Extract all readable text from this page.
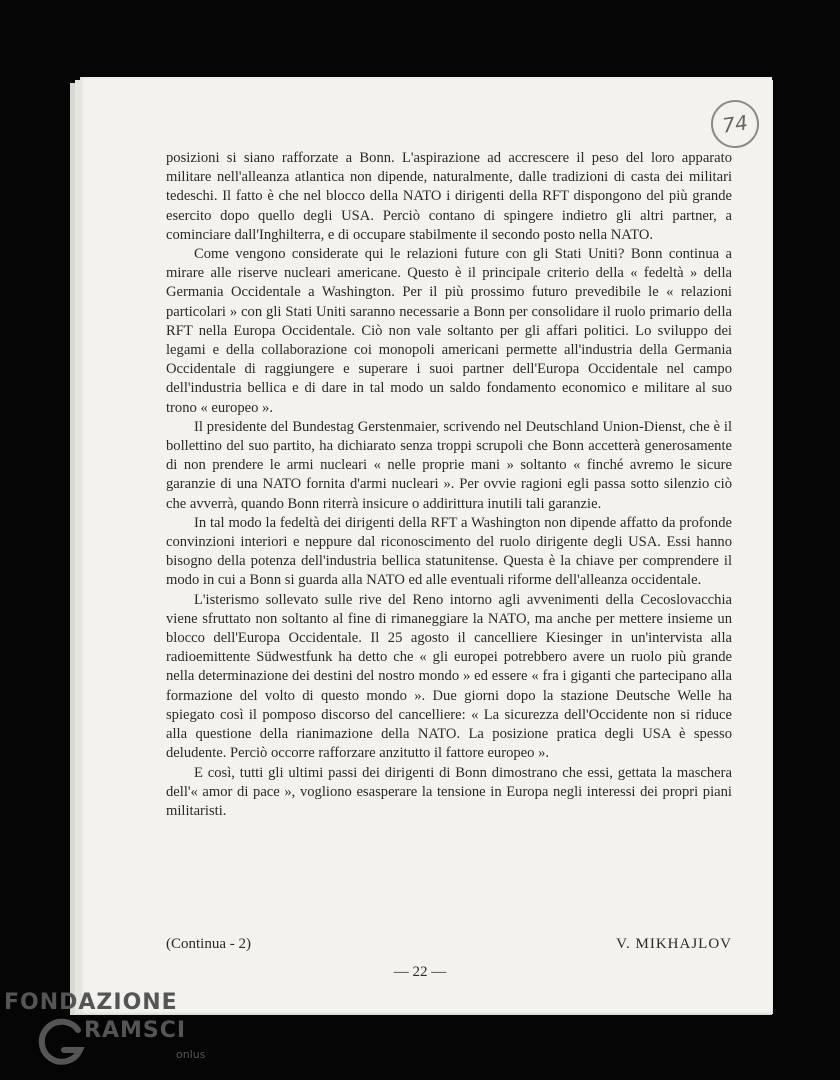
74

posizioni si siano rafforzate a Bonn. L'aspirazione ad accrescere il peso del loro apparato militare nell'alleanza atlantica non dipende, naturalmente, dalle tradizioni di casta dei militari tedeschi. Il fatto è che nel blocco della NATO i dirigenti della RFT dispongono del più grande esercito dopo quello degli USA. Perciò contano di spingere indietro gli altri partner, a cominciare dall'Inghilterra, e di occupare stabilmente il secondo posto nella NATO.

Come vengono considerate qui le relazioni future con gli Stati Uniti? Bonn continua a mirare alle riserve nucleari americane. Questo è il principale criterio della « fedeltà » della Germania Occidentale a Washington. Per il più prossimo futuro prevedibile le « relazioni particolari » con gli Stati Uniti saranno necessarie a Bonn per consolidare il ruolo primario della RFT nella Europa Occidentale. Ciò non vale soltanto per gli affari politici. Lo sviluppo dei legami e della collaborazione coi monopoli americani permette all'industria della Germania Occidentale di raggiungere e superare i suoi partner dell'Europa Occidentale nel campo dell'industria bellica e di dare in tal modo un saldo fondamento economico e militare al suo trono « europeo ».

Il presidente del Bundestag Gerstenmaier, scrivendo nel Deutschland Union-Dienst, che è il bollettino del suo partito, ha dichiarato senza troppi scrupoli che Bonn accetterà generosamente di non prendere le armi nucleari « nelle proprie mani » soltanto « finché avremo le sicure garanzie di una NATO fornita d'armi nucleari ». Per ovvie ragioni egli passa sotto silenzio ciò che avverrà, quando Bonn riterrà insicure o addirittura inutili tali garanzie.

In tal modo la fedeltà dei dirigenti della RFT a Washington non dipende affatto da profonde convinzioni interiori e neppure dal riconoscimento del ruolo dirigente degli USA. Essi hanno bisogno della potenza dell'industria bellica statunitense. Questa è la chiave per comprendere il modo in cui a Bonn si guarda alla NATO ed alle eventuali riforme dell'alleanza occidentale.

L'isterismo sollevato sulle rive del Reno intorno agli avvenimenti della Cecoslovacchia viene sfruttato non soltanto al fine di rimaneggiare la NATO, ma anche per mettere insieme un blocco dell'Europa Occidentale. Il 25 agosto il cancelliere Kiesinger in un'intervista alla radioemittente Südwestfunk ha detto che « gli europei potrebbero avere un ruolo più grande nella determinazione dei destini del nostro mondo » ed essere « fra i giganti che partecipano alla formazione del volto di questo mondo ». Due giorni dopo la stazione Deutsche Welle ha spiegato così il pomposo discorso del cancelliere: « La sicurezza dell'Occidente non si riduce alla questione della rianimazione della NATO. La posizione pratica degli USA è spesso deludente. Perciò occorre rafforzare anzitutto il fattore europeo ».

E così, tutti gli ultimi passi dei dirigenti di Bonn dimostrano che essi, gettata la maschera dell'« amor di pace », vogliono esasperare la tensione in Europa negli interessi dei propri piani militaristi.

(Continua - 2)	V. MIKHAJLOV
— 22 —
FONDAZIONE
RAMSCI
onlus
